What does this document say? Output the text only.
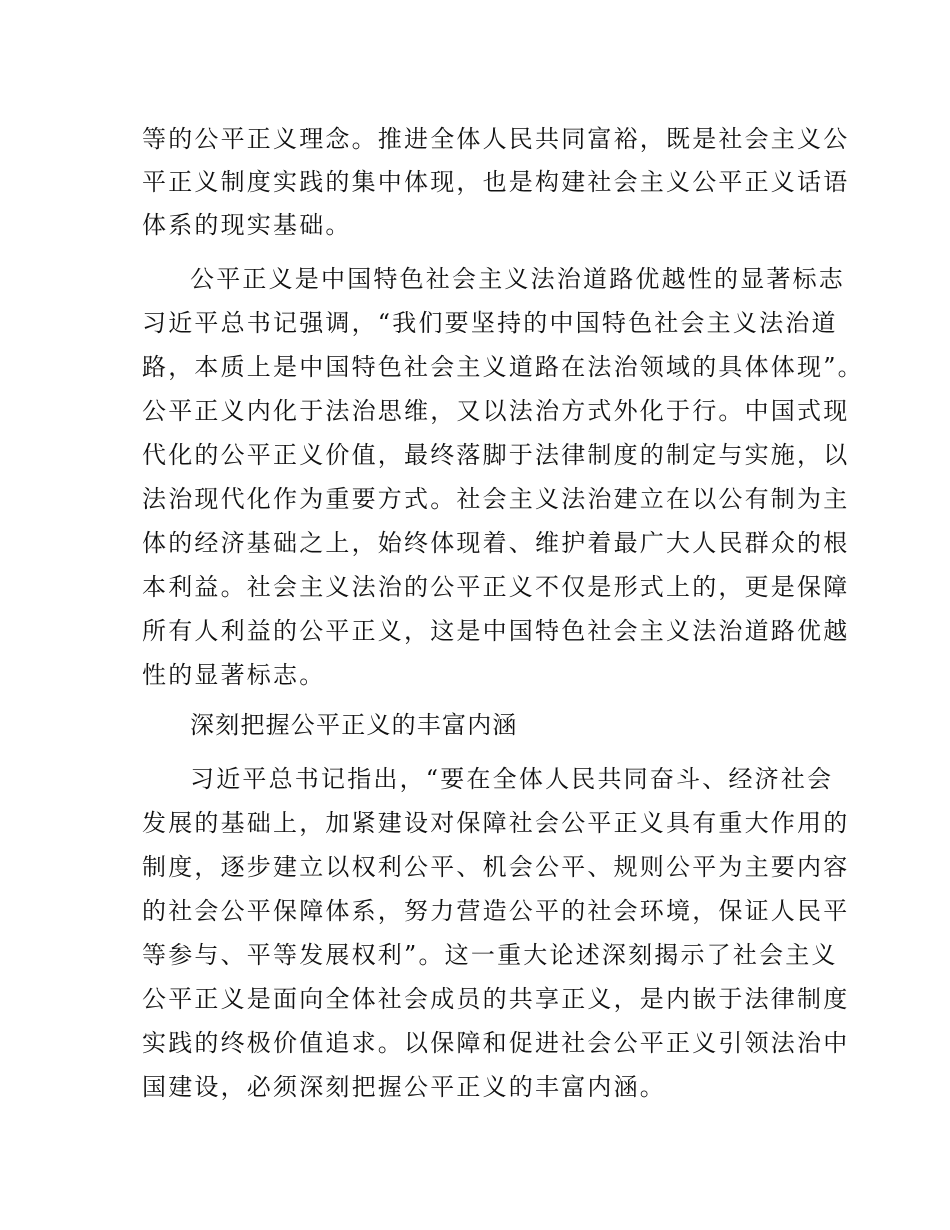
等的公平正义理念。推进全体人民共同富裕，既是社会主义公
平正义制度实践的集中体现，也是构建社会主义公平正义话语
体系的现实基础。
公平正义是中国特色社会主义法治道路优越性的显著标志
习近平总书记强调，“我们要坚持的中国特色社会主义法治道
路，本质上是中国特色社会主义道路在法治领域的具体体现”。
公平正义内化于法治思维，又以法治方式外化于行。中国式现
代化的公平正义价值，最终落脚于法律制度的制定与实施，以
法治现代化作为重要方式。社会主义法治建立在以公有制为主
体的经济基础之上，始终体现着、维护着最广大人民群众的根
本利益。社会主义法治的公平正义不仅是形式上的，更是保障
所有人利益的公平正义，这是中国特色社会主义法治道路优越
性的显著标志。
深刻把握公平正义的丰富内涵
习近平总书记指出，“要在全体人民共同奋斗、经济社会
发展的基础上，加紧建设对保障社会公平正义具有重大作用的
制度，逐步建立以权利公平、机会公平、规则公平为主要内容
的社会公平保障体系，努力营造公平的社会环境，保证人民平
等参与、平等发展权利”。这一重大论述深刻揭示了社会主义
公平正义是面向全体社会成员的共享正义，是内嵌于法律制度
实践的终极价值追求。以保障和促进社会公平正义引领法治中
国建设，必须深刻把握公平正义的丰富内涵。
